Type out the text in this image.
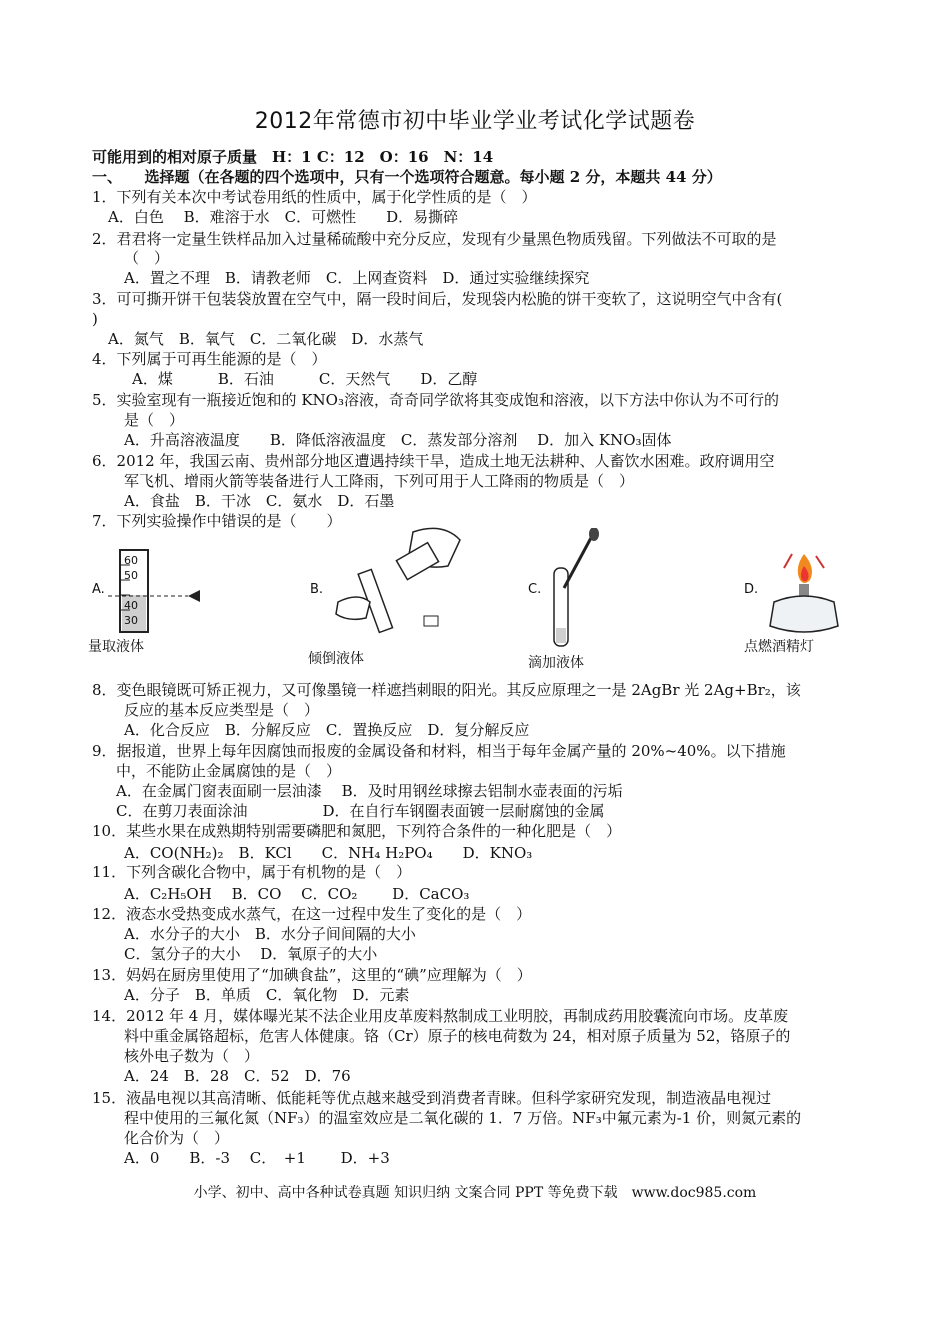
2012年常德市初中毕业学业考试化学试题卷
可能用到的相对原子质量　H：1 C：12　O：16　N：14
一、　　选择题（在各题的四个选项中，只有一个选项符合题意。每小题 2 分，本题共 44 分）
1．下列有关本次中考试卷用纸的性质中，属于化学性质的是（　）
A．白色　 B．难溶于水　C．可燃性　　D．易撕碎
2．君君将一定量生铁样品加入过量稀硫酸中充分反应，发现有少量黑色物质残留。下列做法不可取的是
（　）
A．置之不理　B．请教老师　C．上网查资料　D．通过实验继续探究
3．可可撕开饼干包装袋放置在空气中，隔一段时间后，发现袋内松脆的饼干变软了，这说明空气中含有(
)
A．氮气　B．氧气　C．二氧化碳　D．水蒸气
4．下列属于可再生能源的是（　）
A．煤　　　B．石油　　　C．天然气　　D．乙醇
5．实验室现有一瓶接近饱和的 KNO₃溶液，奇奇同学欲将其变成饱和溶液，以下方法中你认为不可行的
是（　）
A．升高溶液温度　　B．降低溶液温度　C．蒸发部分溶剂　 D．加入 KNO₃固体
6．2012 年，我国云南、贵州部分地区遭遇持续干旱，造成土地无法耕种、人畜饮水困难。政府调用空
军飞机、增雨火箭等装备进行人工降雨，下列可用于人工降雨的物质是（　）
A．食盐　B．干冰　C．氨水　D．石墨
7．下列实验操作中错误的是（　　）
A.
60
50
40
30
量取液体
B.
倾倒液体
C.
滴加液体
D.
点燃酒精灯
8．变色眼镜既可矫正视力，又可像墨镜一样遮挡刺眼的阳光。其反应原理之一是 2AgBr 光 2Ag+Br₂，该
反应的基本反应类型是（　）
A．化合反应　B．分解反应　C．置换反应　D．复分解反应
9．据报道，世界上每年因腐蚀而报废的金属设备和材料，相当于每年金属产量的 20%~40%。以下措施
中，不能防止金属腐蚀的是（　）
A．在金属门窗表面刷一层油漆　 B．及时用钢丝球擦去铝制水壶表面的污垢
C．在剪刀表面涂油　　　　　D．在自行车钢圈表面镀一层耐腐蚀的金属
10．某些水果在成熟期特别需要磷肥和氮肥，下列符合条件的一种化肥是（　）
A．CO(NH₂)₂　B．KCl　　C．NH₄ H₂PO₄　　D．KNO₃
11．下列含碳化合物中，属于有机物的是（　）
A．C₂H₅OH　 B．CO　 C．CO₂　　 D．CaCO₃
12．液态水受热变成水蒸气，在这一过程中发生了变化的是（　）
A．水分子的大小　B．水分子间间隔的大小
C．氢分子的大小　 D．氧原子的大小
13．妈妈在厨房里使用了“加碘食盐”，这里的“碘”应理解为（　）
A．分子　B．单质　C．氧化物　D．元素
14．2012 年 4 月，媒体曝光某不法企业用皮革废料熬制成工业明胶，再制成药用胶囊流向市场。皮革废
料中重金属铬超标，危害人体健康。铬（Cr）原子的核电荷数为 24，相对原子质量为 52，铬原子的
核外电子数为（　）
A．24　B．28　C．52　D．76
15．液晶电视以其高清晰、低能耗等优点越来越受到消费者青睐。但科学家研究发现，制造液晶电视过
程中使用的三氟化氮（NF₃）的温室效应是二氧化碳的 1．7 万倍。NF₃中氟元素为-1 价，则氮元素的
化合价为（　）
A．0　　B．-3　 C．　+1　　 D．+3
小学、初中、高中各种试卷真题 知识归纳 文案合同 PPT 等免费下载　www.doc985.com
